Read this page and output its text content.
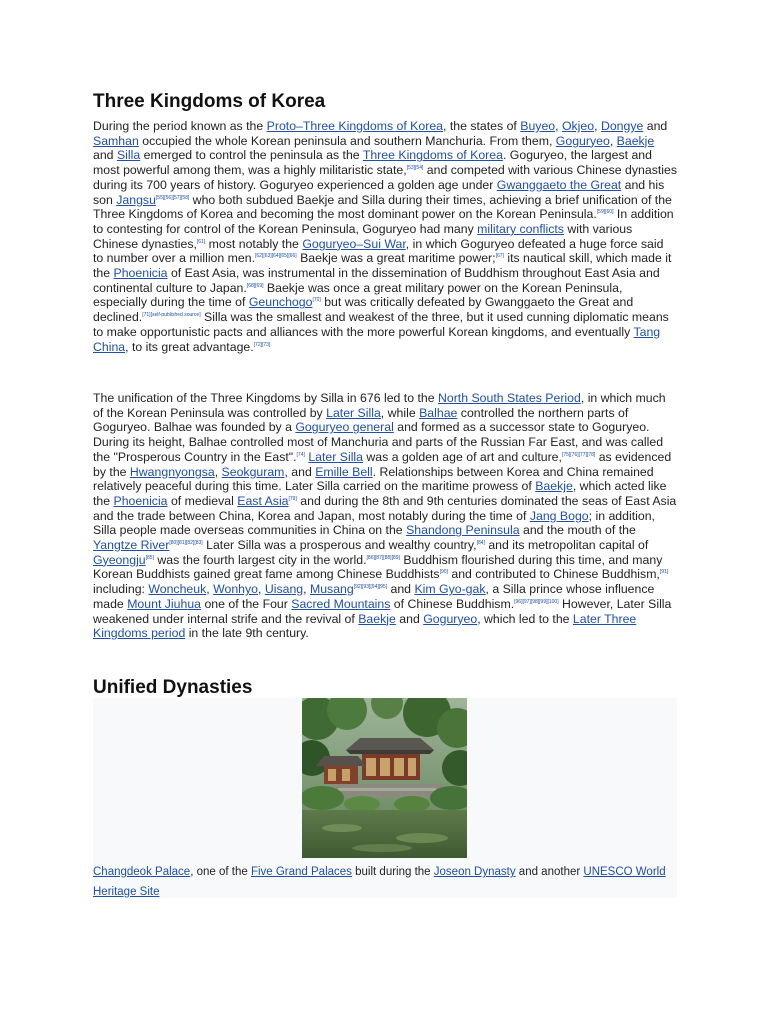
Three Kingdoms of Korea

During the period known as the Proto–Three Kingdoms of Korea, the states of Buyeo, Okjeo, Dongye and Samhan occupied the whole Korean peninsula and southern Manchuria. From them, Goguryeo, Baekje and Silla emerged to control the peninsula as the Three Kingdoms of Korea. Goguryeo, the largest and most powerful among them, was a highly militaristic state,[53][54] and competed with various Chinese dynasties during its 700 years of history. Goguryeo experienced a golden age under Gwanggaeto the Great and his son Jangsu[55][56][57][58] who both subdued Baekje and Silla during their times, achieving a brief unification of the Three Kingdoms of Korea and becoming the most dominant power on the Korean Peninsula.[59][60] In addition to contesting for control of the Korean Peninsula, Goguryeo had many military conflicts with various Chinese dynasties,[61] most notably the Goguryeo–Sui War, in which Goguryeo defeated a huge force said to number over a million men.[62][63][64][65][66] Baekje was a great maritime power;[67] its nautical skill, which made it the Phoenicia of East Asia, was instrumental in the dissemination of Buddhism throughout East Asia and continental culture to Japan.[68][69] Baekje was once a great military power on the Korean Peninsula, especially during the time of Geunchogo[70] but was critically defeated by Gwanggaeto the Great and declined.[71][self-published source] Silla was the smallest and weakest of the three, but it used cunning diplomatic means to make opportunistic pacts and alliances with the more powerful Korean kingdoms, and eventually Tang China, to its great advantage.[72][73]

The unification of the Three Kingdoms by Silla in 676 led to the North South States Period, in which much of the Korean Peninsula was controlled by Later Silla, while Balhae controlled the northern parts of Goguryeo. Balhae was founded by a Goguryeo general and formed as a successor state to Goguryeo. During its height, Balhae controlled most of Manchuria and parts of the Russian Far East, and was called the "Prosperous Country in the East".[74] Later Silla was a golden age of art and culture,[75][76][77][78] as evidenced by the Hwangnyongsa, Seokguram, and Emille Bell. Relationships between Korea and China remained relatively peaceful during this time. Later Silla carried on the maritime prowess of Baekje, which acted like the Phoenicia of medieval East Asia[79] and during the 8th and 9th centuries dominated the seas of East Asia and the trade between China, Korea and Japan, most notably during the time of Jang Bogo; in addition, Silla people made overseas communities in China on the Shandong Peninsula and the mouth of the Yangtze River[80][81][82][83] Later Silla was a prosperous and wealthy country,[84] and its metropolitan capital of Gyeongju[85] was the fourth largest city in the world.[86][87][88][89] Buddhism flourished during this time, and many Korean Buddhists gained great fame among Chinese Buddhists[90] and contributed to Chinese Buddhism,[91] including: Woncheuk, Wonhyo, Uisang, Musang[92][93][94][95] and Kim Gyo-gak, a Silla prince whose influence made Mount Jiuhua one of the Four Sacred Mountains of Chinese Buddhism.[96][97][98][99][100] However, Later Silla weakened under internal strife and the revival of Baekje and Goguryeo, which led to the Later Three Kingdoms period in the late 9th century.

Unified Dynasties
Changdeok Palace, one of the Five Grand Palaces built during the Joseon Dynasty and another UNESCO World Heritage Site
